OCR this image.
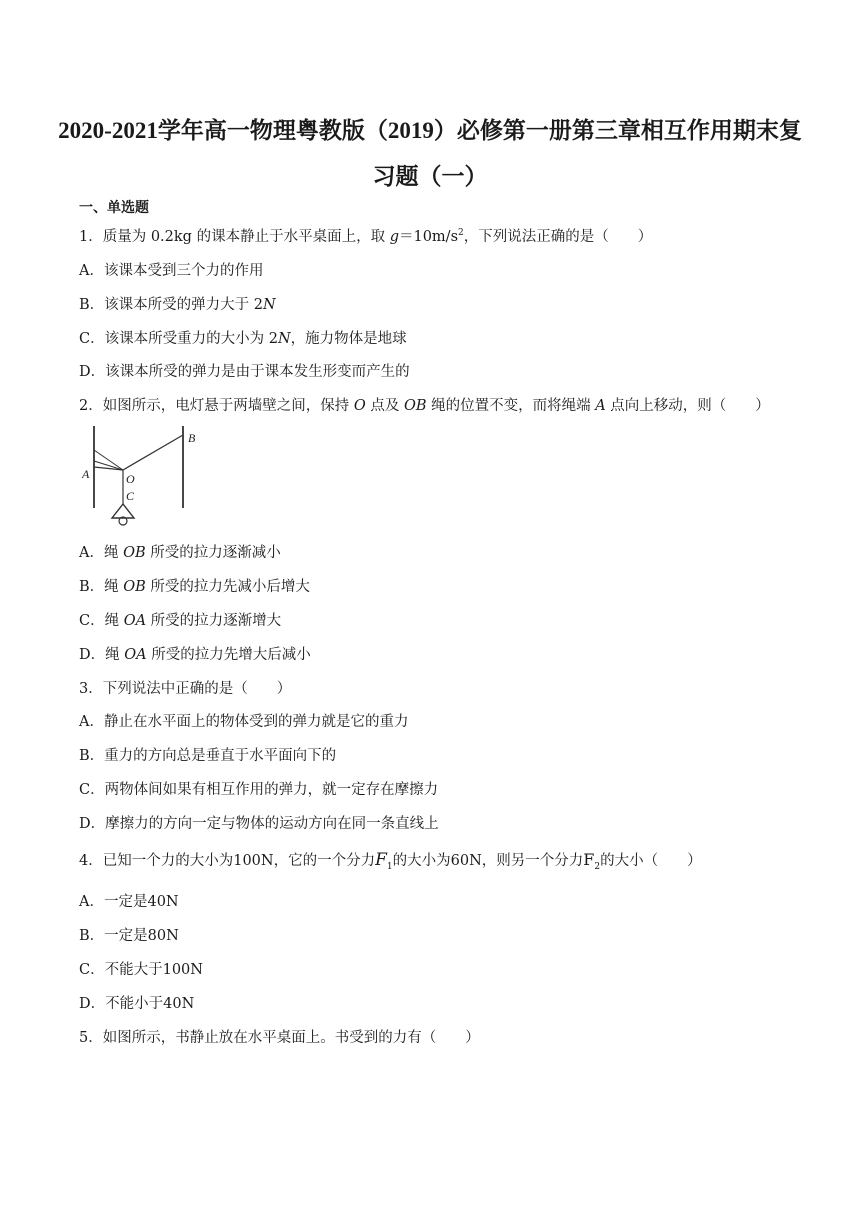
2020-2021学年高一物理粤教版（2019）必修第一册第三章相互作用期末复
习题（一）
一、单选题
1．质量为 0.2kg 的课本静止于水平桌面上，取 $g=10m/s^2$，下列说法正确的是（　　）
A．该课本受到三个力的作用
B．该课本所受的弹力大于 2N
C．该课本所受重力的大小为 2N，施力物体是地球
D．该课本所受的弹力是由于课本发生形变而产生的
2．如图所示，电灯悬于两墙壁之间，保持 O 点及 OB 绳的位置不变，而将绳端 A 点向上移动，则（　　）
A
B
O
C
A．绳 OB 所受的拉力逐渐减小
B．绳 OB 所受的拉力先减小后增大
C．绳 OA 所受的拉力逐渐增大
D．绳 OA 所受的拉力先增大后减小
3．下列说法中正确的是（　　）
A．静止在水平面上的物体受到的弹力就是它的重力
B．重力的方向总是垂直于水平面向下的
C．两物体间如果有相互作用的弹力，就一定存在摩擦力
D．摩擦力的方向一定与物体的运动方向在同一条直线上
4．已知一个力的大小为100N，它的一个分力$F_1$的大小为60N，则另一个分力$F_2$的大小（　　）
A．一定是40N
B．一定是80N
C．不能大于100N
D．不能小于40N
5．如图所示，书静止放在水平桌面上。书受到的力有（　　）
